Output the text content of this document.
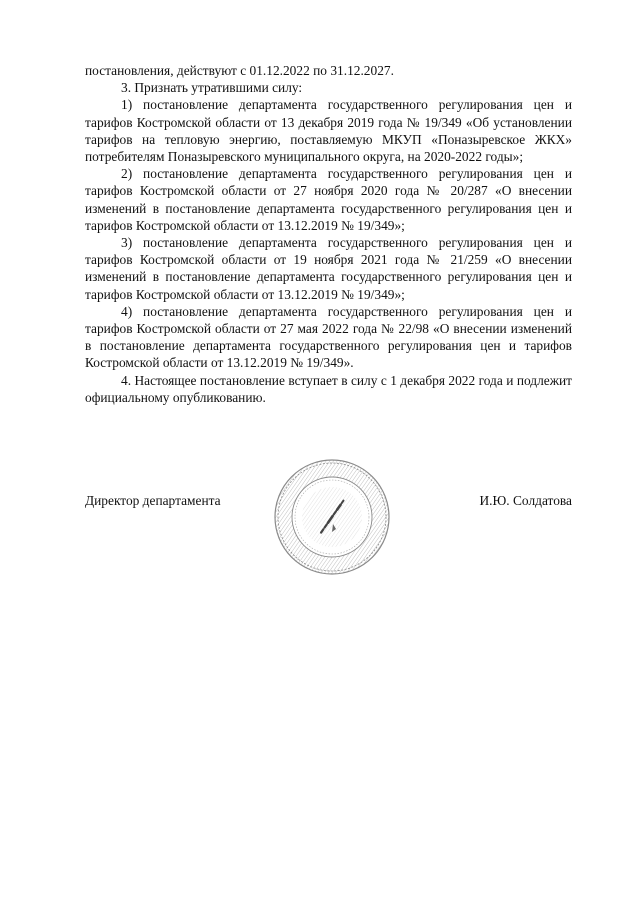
постановления, действуют с 01.12.2022 по 31.12.2027.

3. Признать утратившими силу:

1) постановление департамента государственного регулирования цен и тарифов Костромской области от 13 декабря 2019 года № 19/349 «Об установлении тарифов на тепловую энергию, поставляемую МКУП «Поназыревское ЖКХ» потребителям Поназыревского муниципального округа, на 2020-2022 годы»;
2) постановление департамента государственного регулирования цен и тарифов Костромской области от 27 ноября 2020 года № 20/287 «О внесении изменений в постановление департамента государственного регулирования цен и тарифов Костромской области от 13.12.2019 № 19/349»;
3) постановление департамента государственного регулирования цен и тарифов Костромской области от 19 ноября 2021 года № 21/259 «О внесении изменений в постановление департамента государственного регулирования цен и тарифов Костромской области от 13.12.2019 № 19/349»;
4) постановление департамента государственного регулирования цен и тарифов Костромской области от 27 мая 2022 года № 22/98 «О внесении изменений в постановление департамента государственного регулирования цен и тарифов Костромской области от 13.12.2019 № 19/349».

4. Настоящее постановление вступает в силу с 1 декабря 2022 года и подлежит официальному опубликованию.

Директор департамента	И.Ю. Солдатова
